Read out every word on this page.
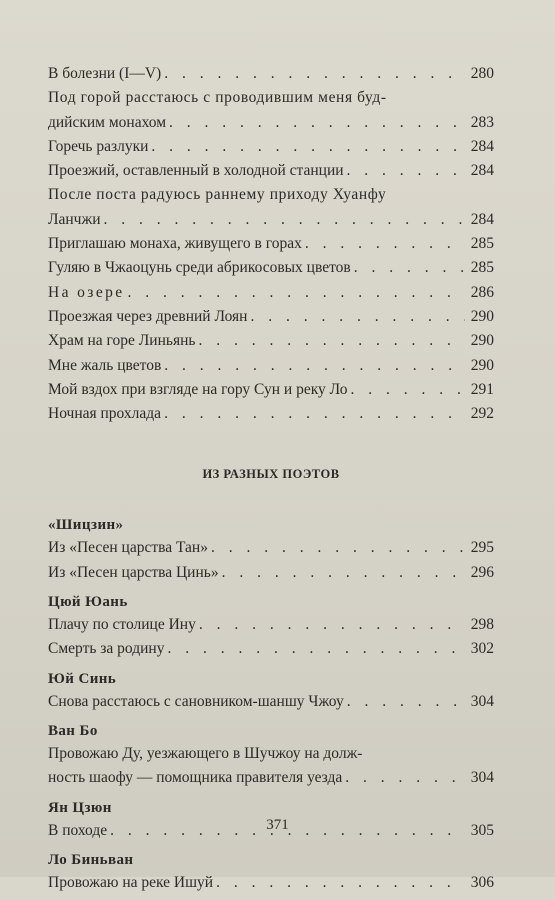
В болезни (I—V) . . .	280
Под горой расстаюсь с проводившим меня буд-
дийским монахом . . .	283
Горечь разлуки . . .	284
Проезжий, оставленный в холодной станции . . .	284
После поста радуюсь раннему приходу Хуанфу
Ланчжи . . .	284
Приглашаю монаха, живущего в горах . . .	285
Гуляю в Чжаоцунь среди абрикосовых цветов . . .	285
На озере . . .	286
Проезжая через древний Лоян . . .	290
Храм на горе Линьянь . . .	290
Мне жаль цветов . . .	290
Мой вздох при взгляде на гору Сун и реку Ло . . .	291
Ночная прохлада . . .	292
ИЗ РАЗНЫХ ПОЭТОВ
«Шицзин»
Из «Песен царства Тан» . . .	295
Из «Песен царства Цинь» . . .	296
Цюй Юань
Плачу по столице Ину . . .	298
Смерть за родину . . .	302
Юй Синь
Снова расстаюсь с сановником-шаншу Чжоу . . .	304
Ван Бо
Провожаю Ду, уезжающего в Шучжоу на долж-
ность шаофу — помощника правителя уезда . . .	304
Ян Цзюн
В походе . . .	305
Ло Биньван
Провожаю на реке Ишуй . . .	306
371
